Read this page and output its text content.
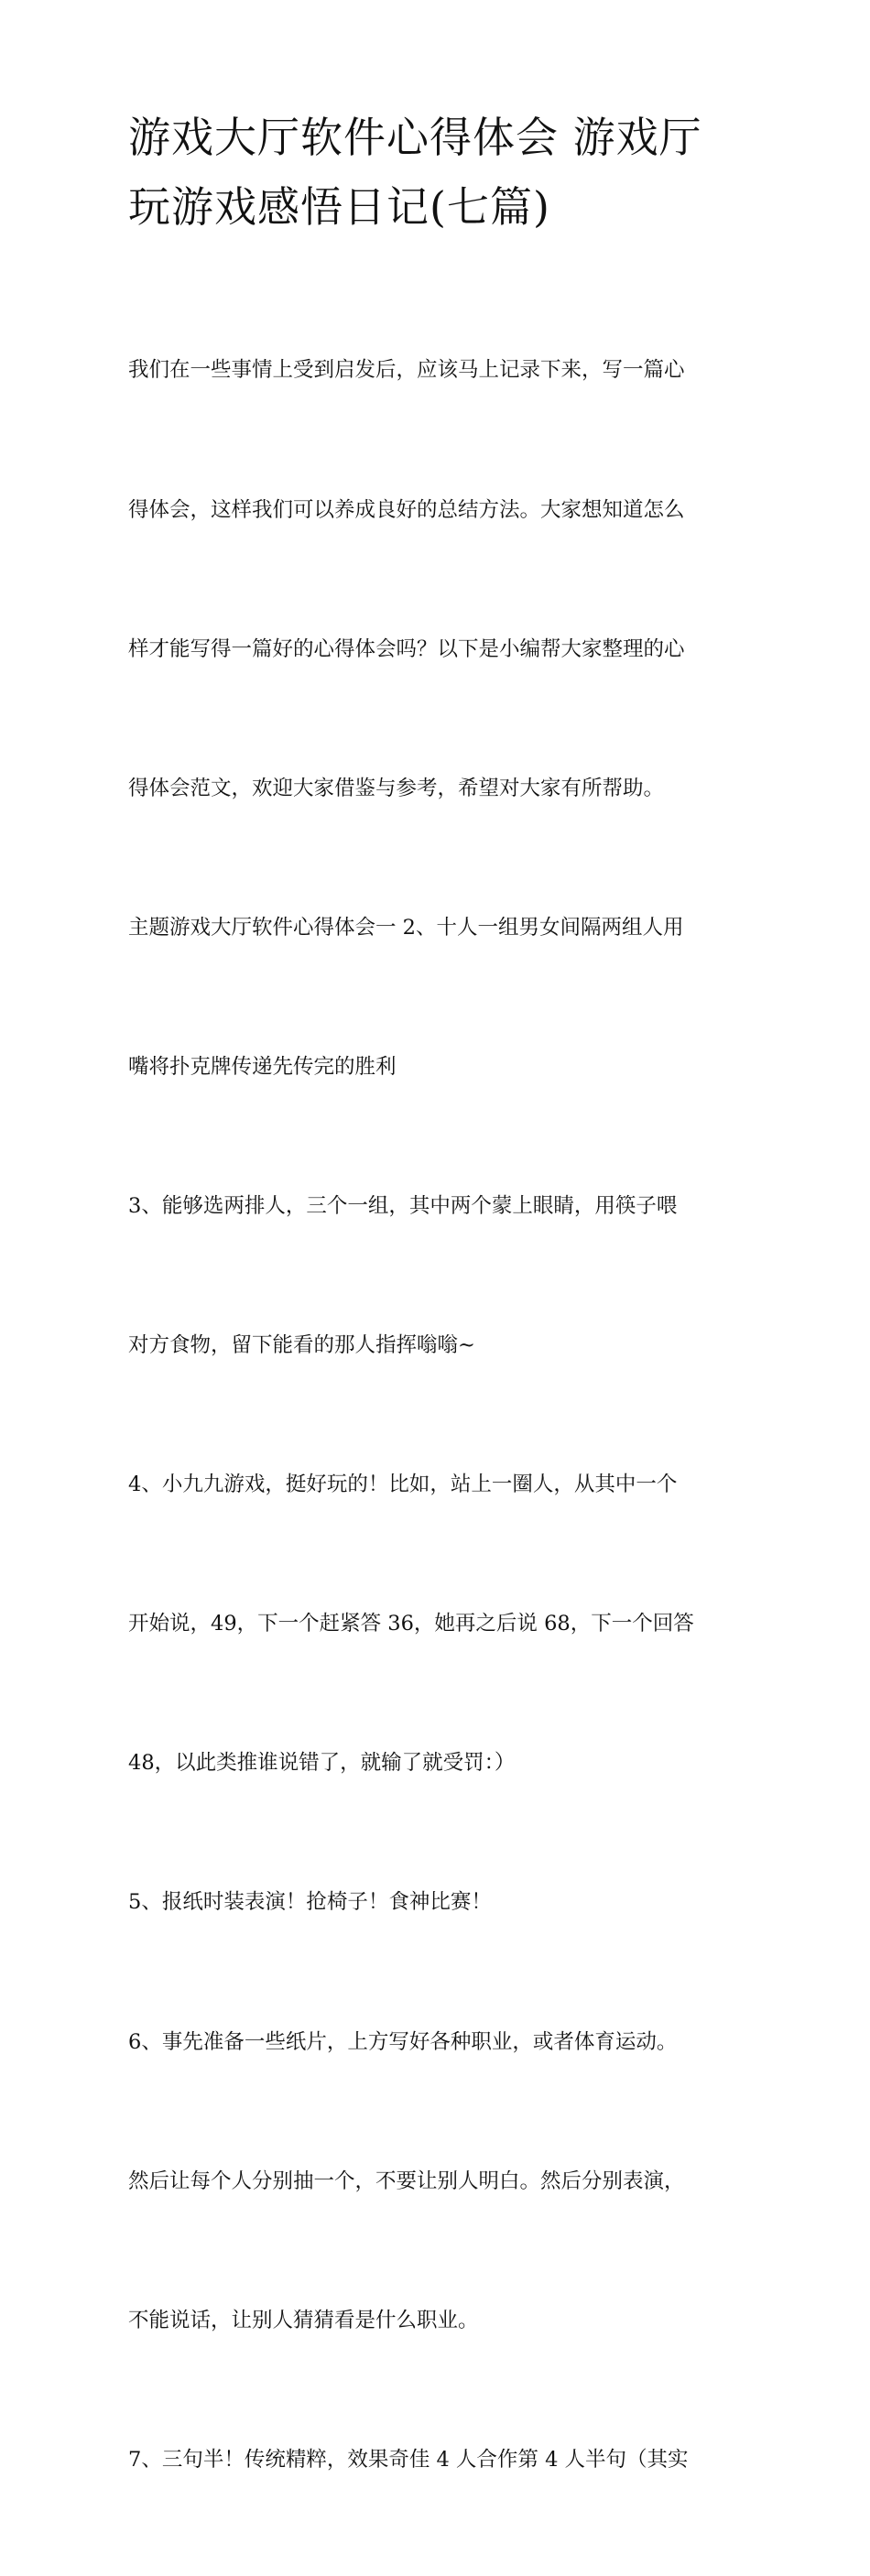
游戏大厅软件心得体会 游戏厅
玩游戏感悟日记(七篇)

我们在一些事情上受到启发后，应该马上记录下来，写一篇心

得体会，这样我们可以养成良好的总结方法。大家想知道怎么

样才能写得一篇好的心得体会吗？以下是小编帮大家整理的心

得体会范文，欢迎大家借鉴与参考，希望对大家有所帮助。

主题游戏大厅软件心得体会一 2、十人一组男女间隔两组人用

嘴将扑克牌传递先传完的胜利

3、能够选两排人，三个一组，其中两个蒙上眼睛，用筷子喂

对方食物，留下能看的那人指挥嗡嗡~

4、小九九游戏，挺好玩的！比如，站上一圈人，从其中一个

开始说，49，下一个赶紧答 36，她再之后说 68，下一个回答

48，以此类推谁说错了，就输了就受罚：）

5、报纸时装表演！抢椅子！食神比赛！

6、事先准备一些纸片，上方写好各种职业，或者体育运动。

然后让每个人分别抽一个，不要让别人明白。然后分别表演，

不能说话，让别人猜猜看是什么职业。

7、三句半！传统精粹，效果奇佳 4 人合作第 4 人半句（其实
